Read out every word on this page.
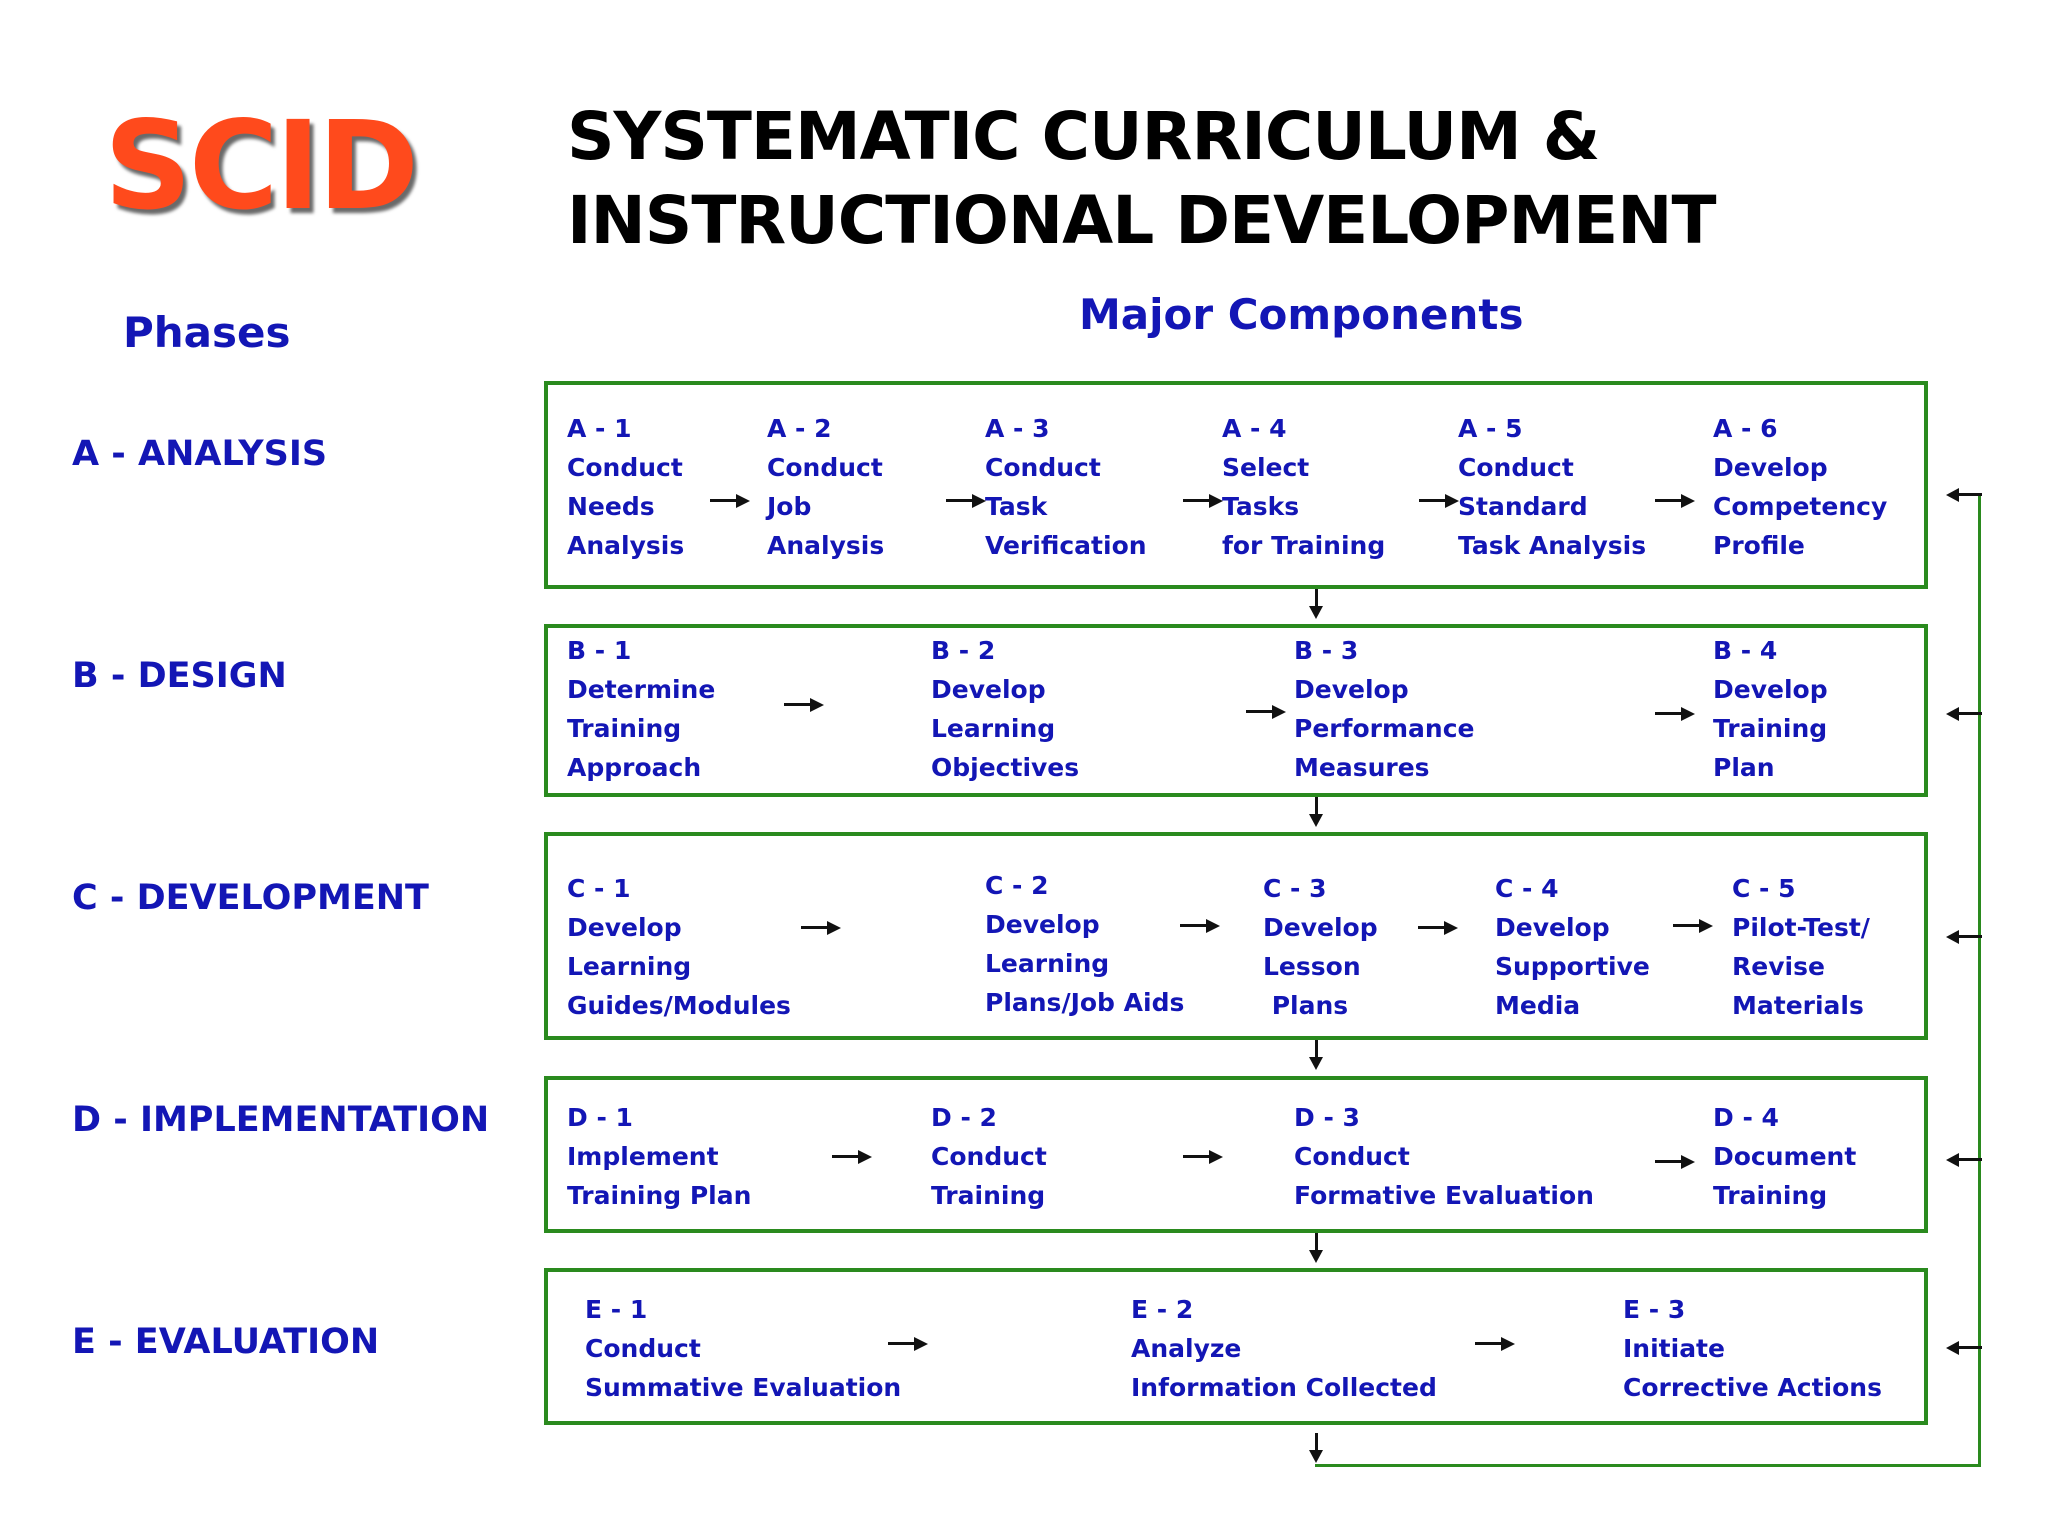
SCID SYSTEMATIC CURRICULUM &
INSTRUCTIONAL DEVELOPMENT
Phases	Major Components
A - ANALYSIS
B - DESIGN
C - DEVELOPMENT
D - IMPLEMENTATION
E - EVALUATION
A - 1
Conduct
Needs
Analysis
A - 2
Conduct
Job
Analysis
A - 3
Conduct
Task
Verification
A - 4
Select
Tasks
for Training
A - 5
Conduct
Standard
Task Analysis
A - 6
Develop
Competency
Profile
B - 1
Determine
Training
Approach
B - 2
Develop
Learning
Objectives
B - 3
Develop
Performance
Measures
B - 4
Develop
Training
Plan
C - 1
Develop
Learning
Guides/Modules
C - 2
Develop
Learning
Plans/Job Aids
C - 3
Develop
Lesson
Plans
C - 4
Develop
Supportive
Media
C - 5
Pilot-Test/
Revise
Materials
D - 1
Implement
Training Plan
D - 2
Conduct
Training
D - 3
Conduct
Formative Evaluation
D - 4
Document
Training
E - 1
Conduct
Summative Evaluation
E - 2
Analyze
Information Collected
E - 3
Initiate
Corrective Actions
